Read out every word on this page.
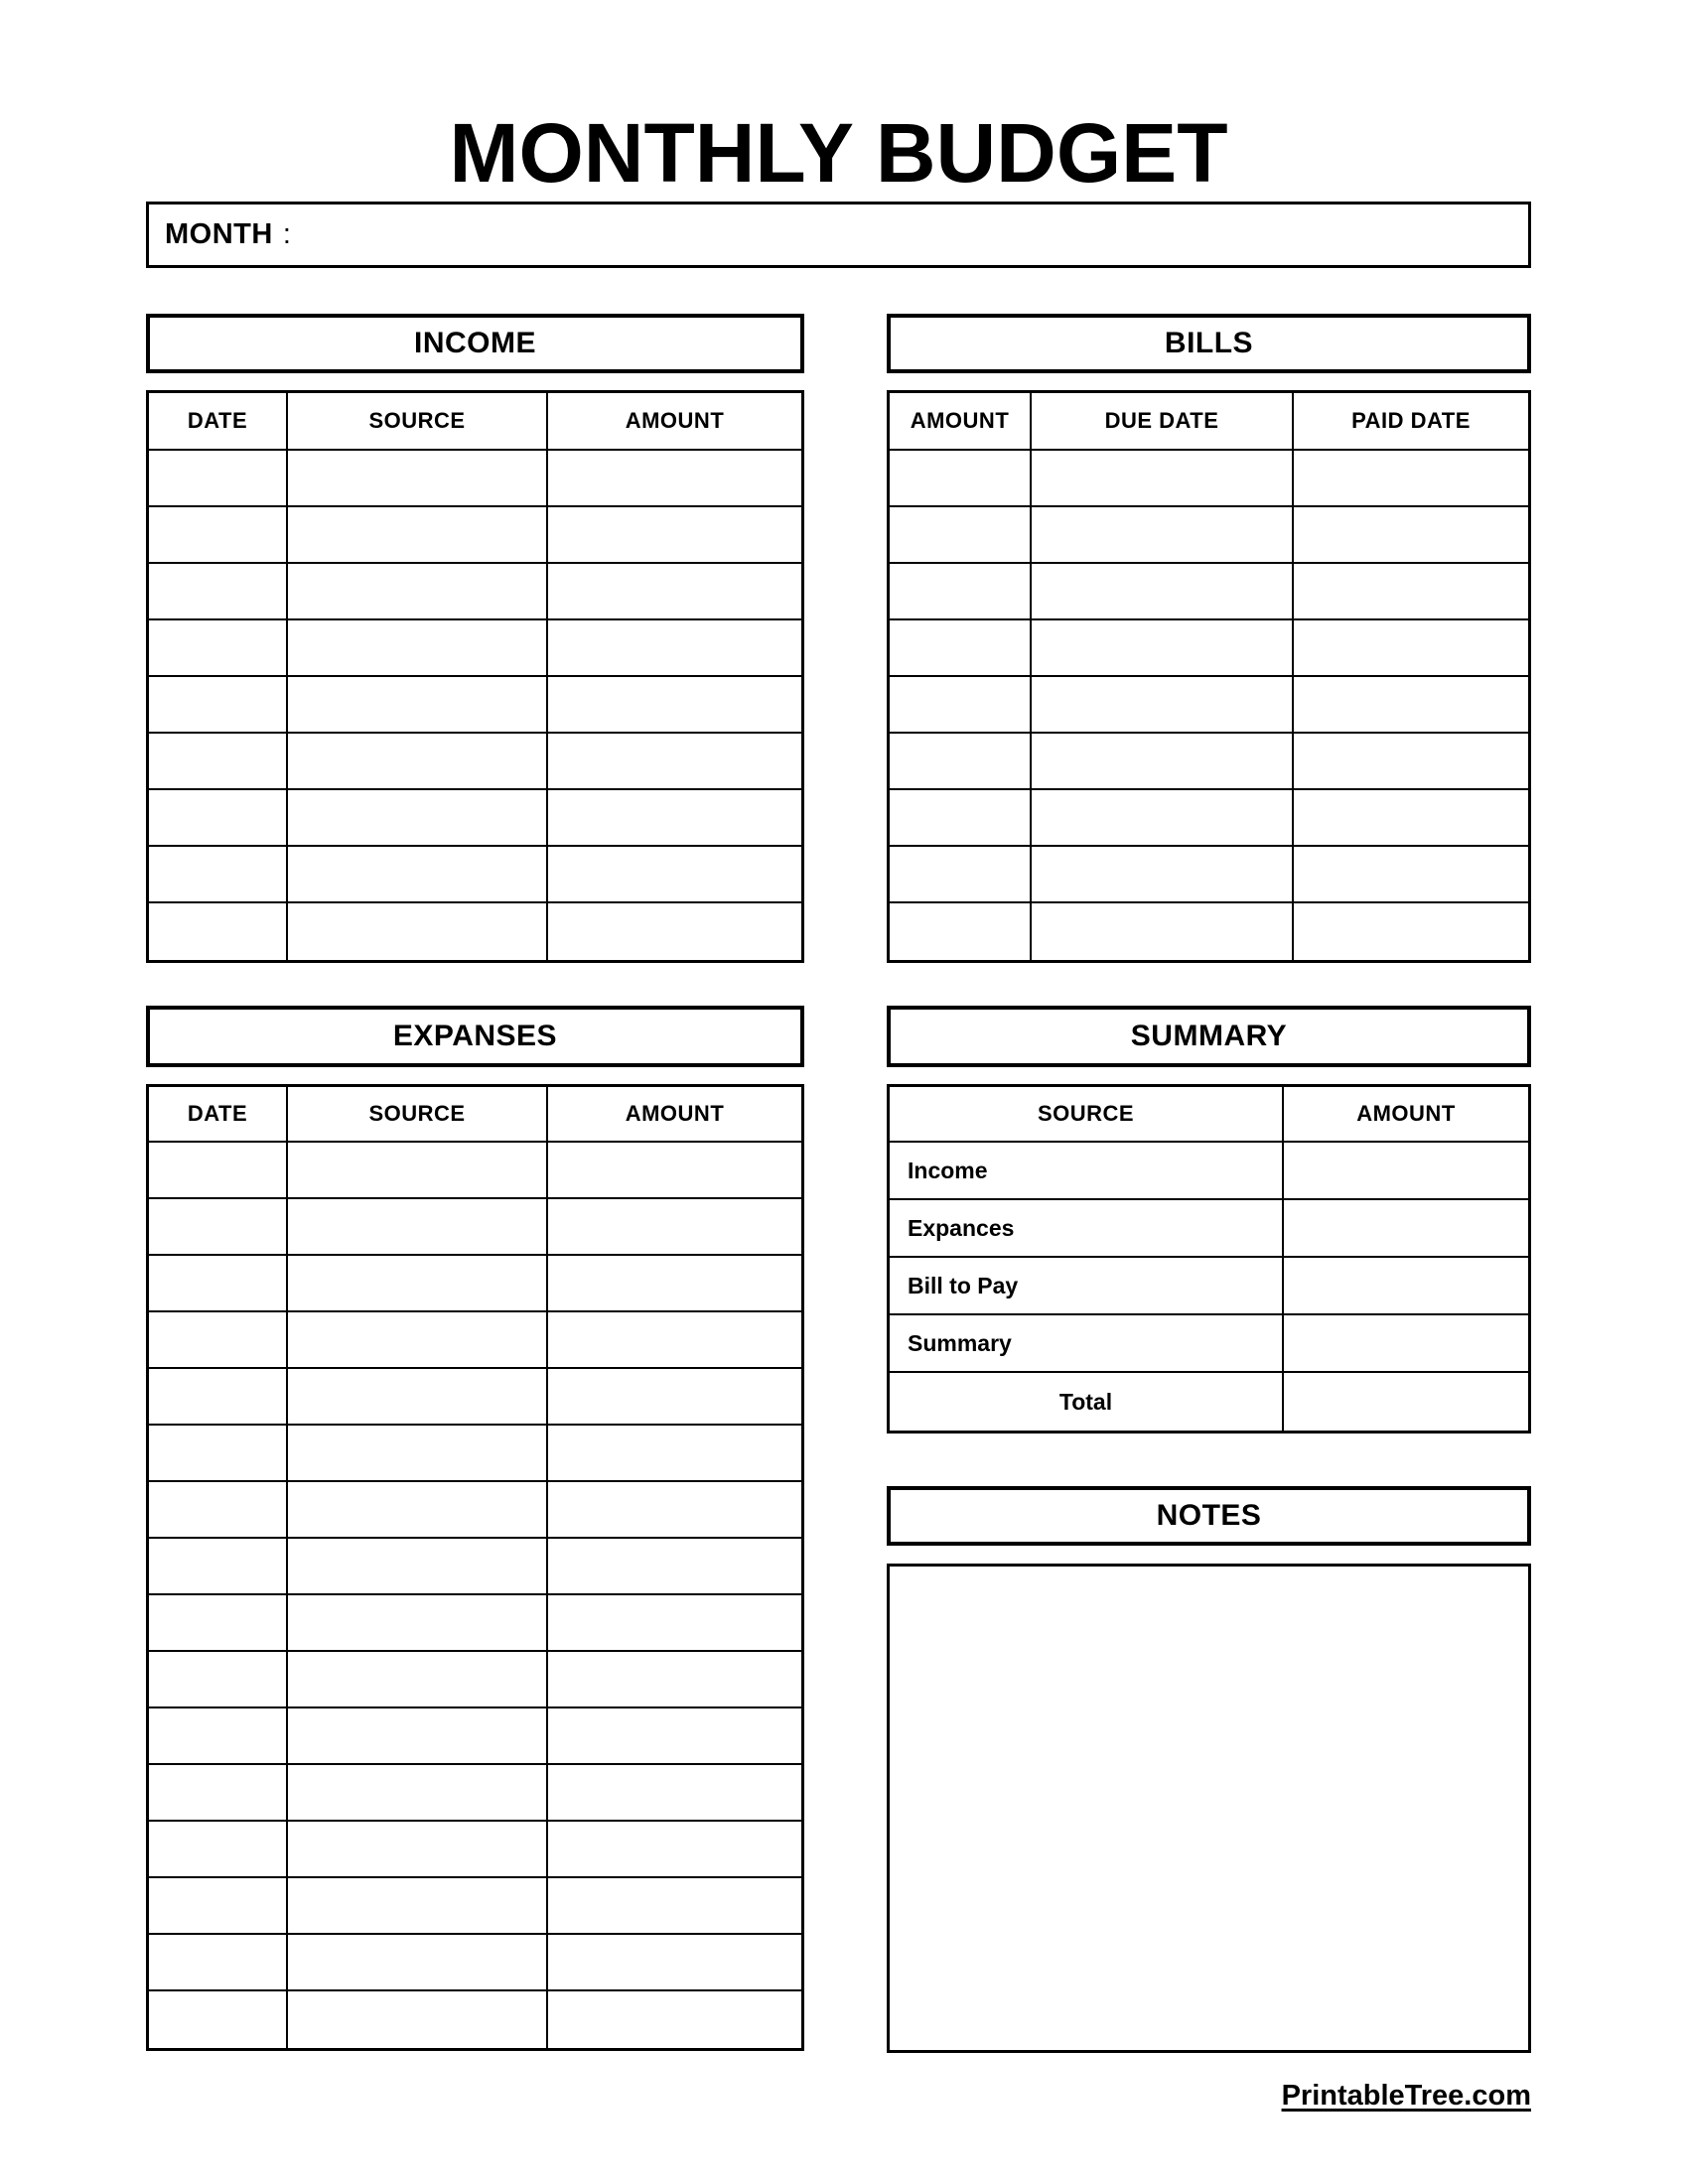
MONTHLY BUDGET
MONTH :
INCOME
DATE	SOURCE	AMOUNT
BILLS
AMOUNT	DUE DATE	PAID DATE
EXPANSES
DATE	SOURCE	AMOUNT
SUMMARY
SOURCE	AMOUNT
Income
Expances
Bill to Pay
Summary
Total
NOTES
PrintableTree.com
